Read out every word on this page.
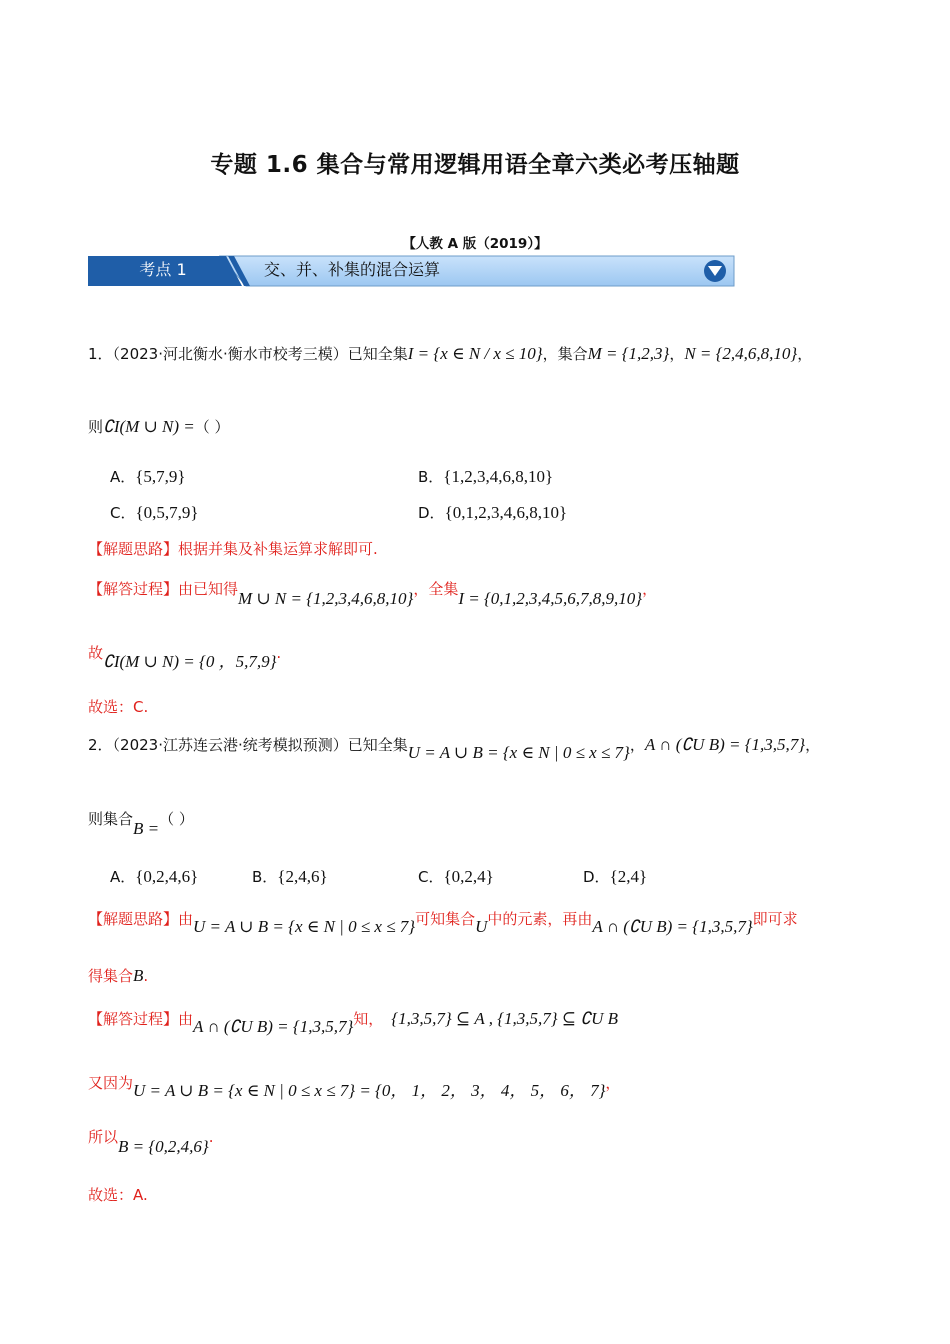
专题 1.6 集合与常用逻辑用语全章六类必考压轴题
【人教 A 版（2019）】
考点 1	交、并、补集的混合运算
1．（2023·河北衡水·衡水市校考三模）已知全集I = {x ∈ N / x ≤ 10}，集合M = {1,2,3}，N = {2,4,6,8,10}，
则∁I(M ∪ N) =（ ）
A．{5,7,9}	B．{1,2,3,4,6,8,10}
C．{0,5,7,9}	D．{0,1,2,3,4,6,8,10}
【解题思路】根据并集及补集运算求解即可.
【解答过程】由已知得M ∪ N = {1,2,3,4,6,8,10}，全集I = {0,1,2,3,4,5,6,7,8,9,10}，
故∁I(M ∪ N) = {0 ，5,7,9}.
故选：C.
2．（2023·江苏连云港·统考模拟预测）已知全集U = A ∪ B = {x ∈ N | 0 ≤ x ≤ 7}，A ∩ (∁U B) = {1,3,5,7}，
则集合B =（ ）
A．{0,2,4,6}	B．{2,4,6}	C．{0,2,4}	D．{2,4}
【解题思路】由U = A ∪ B = {x ∈ N | 0 ≤ x ≤ 7}可知集合U中的元素，再由A ∩ (∁U B) = {1,3,5,7}即可求
得集合B.
【解答过程】由A ∩ (∁U B) = {1,3,5,7}知， {1,3,5,7} ⊆ A , {1,3,5,7} ⊆ ∁U B
又因为U = A ∪ B = {x ∈ N | 0 ≤ x ≤ 7} = {0， 1， 2， 3， 4， 5， 6， 7}，
所以B = {0,2,4,6}.
故选：A.
